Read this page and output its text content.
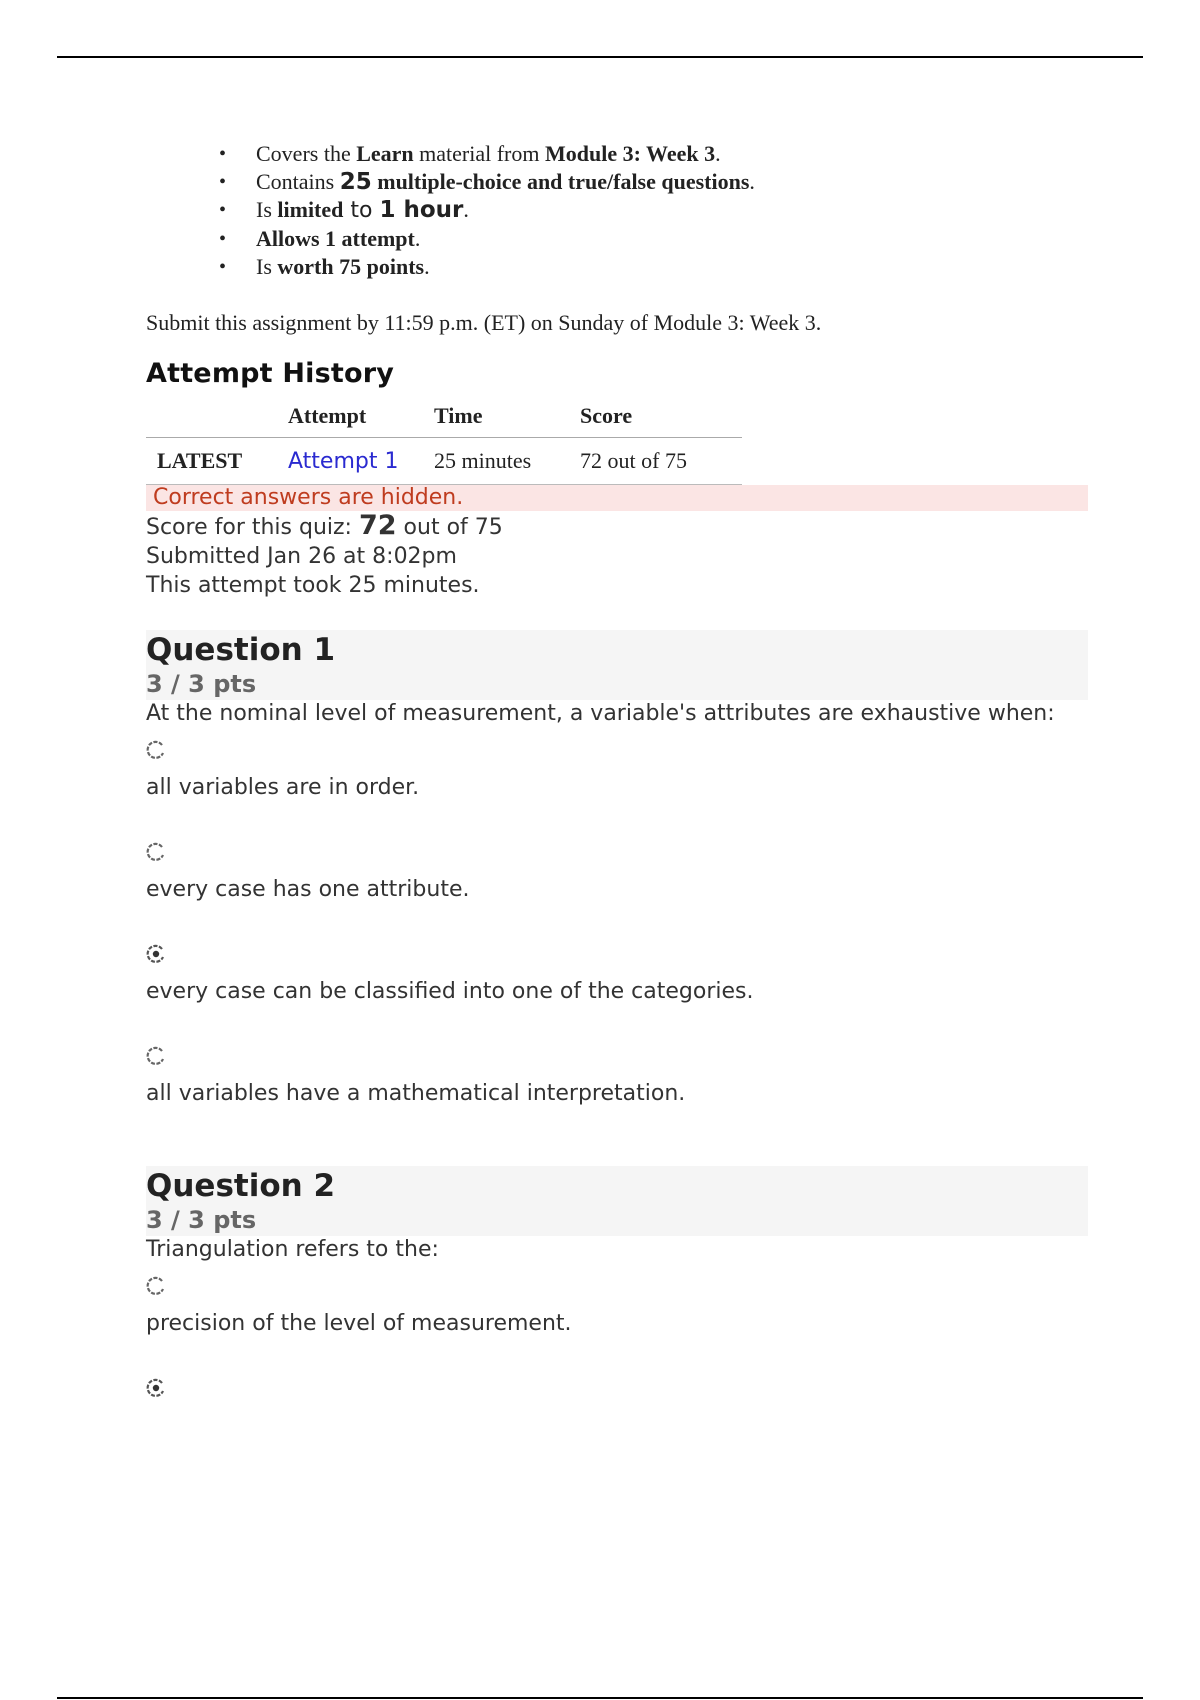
• Covers the Learn material from Module 3: Week 3.
• Contains 25 multiple-choice and true/false questions.
• Is limited to 1 hour.
• Allows 1 attempt.
• Is worth 75 points.
Submit this assignment by 11:59 p.m. (ET) on Sunday of Module 3: Week 3.
Attempt History
	Attempt	Time	Score
LATEST	Attempt 1	25 minutes	72 out of 75
Correct answers are hidden.
Score for this quiz: 72 out of 75
Submitted Jan 26 at 8:02pm
This attempt took 25 minutes.
Question 1
3 / 3 pts
At the nominal level of measurement, a variable's attributes are exhaustive when:
all variables are in order.
every case has one attribute.
every case can be classified into one of the categories.
all variables have a mathematical interpretation.
Question 2
3 / 3 pts
Triangulation refers to the:
precision of the level of measurement.
